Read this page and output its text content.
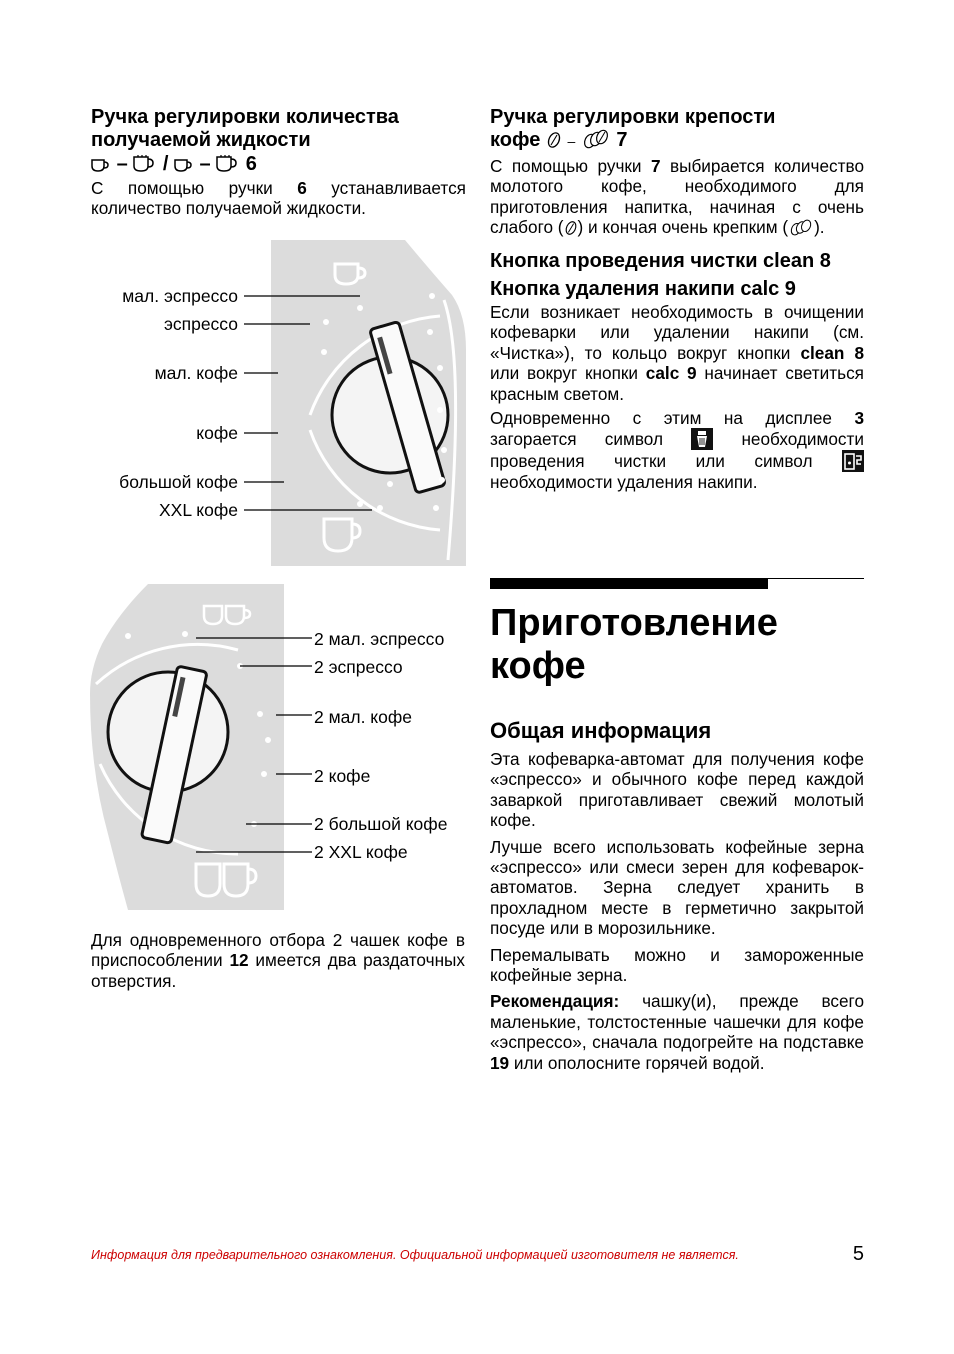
Ручка регулировки количества получаемой жидкости
– / – 6

С помощью ручки 6 устанавливается количество получаемой жидкости.

мал. эспрессо
эспрессо
мал. кофе
кофе
большой кофе
XXL кофе
2 мал. эспрессо
2 эспрессо
2 мал. кофе
2 кофе
2 большой кофе
2 XXL кофе

Для одновременного отбора 2 чашек кофе в приспособлении 12 имеется два раздаточных отверстия.

Ручка регулировки крепости
кофе – 7

С помощью ручки 7 выбирается количество молотого кофе, необходимого для приготовления напитка, начиная с очень слабого ( ) и кончая очень крепким ( ).

Кнопка проведения чистки clean 8
Кнопка удаления накипи calc 9

Если возникает необходимость в очищении кофеварки или удалении накипи (см. «Чистка»), то кольцо вокруг кнопки clean 8 или вокруг кнопки calc 9 начинает светиться красным светом.

Одновременно с этим на дисплее 3 загорается символ	необходимости проведения чистки или символ
необходимости удаления накипи.

Приготовление
кофе
Общая информация

Эта кофеварка-автомат для получения кофе «эспрессо» и обычного кофе перед каждой заваркой приготавливает свежий молотый кофе.

Лучше всего использовать кофейные зерна «эспрессо» или смеси зерен для кофеварок-автоматов. Зерна следует хранить в прохладном месте в герметично закрытой посуде или в морозильнике.

Перемалывать можно и замороженные кофейные зерна.

Рекомендация: чашку(и), прежде всего маленькие, толстостенные чашечки для кофе «эспрессо», сначала подогрейте на подставке 19 или ополосните горячей водой.

Информация для предварительного ознакомления. Официальной информацией изготовителя не является.	5
